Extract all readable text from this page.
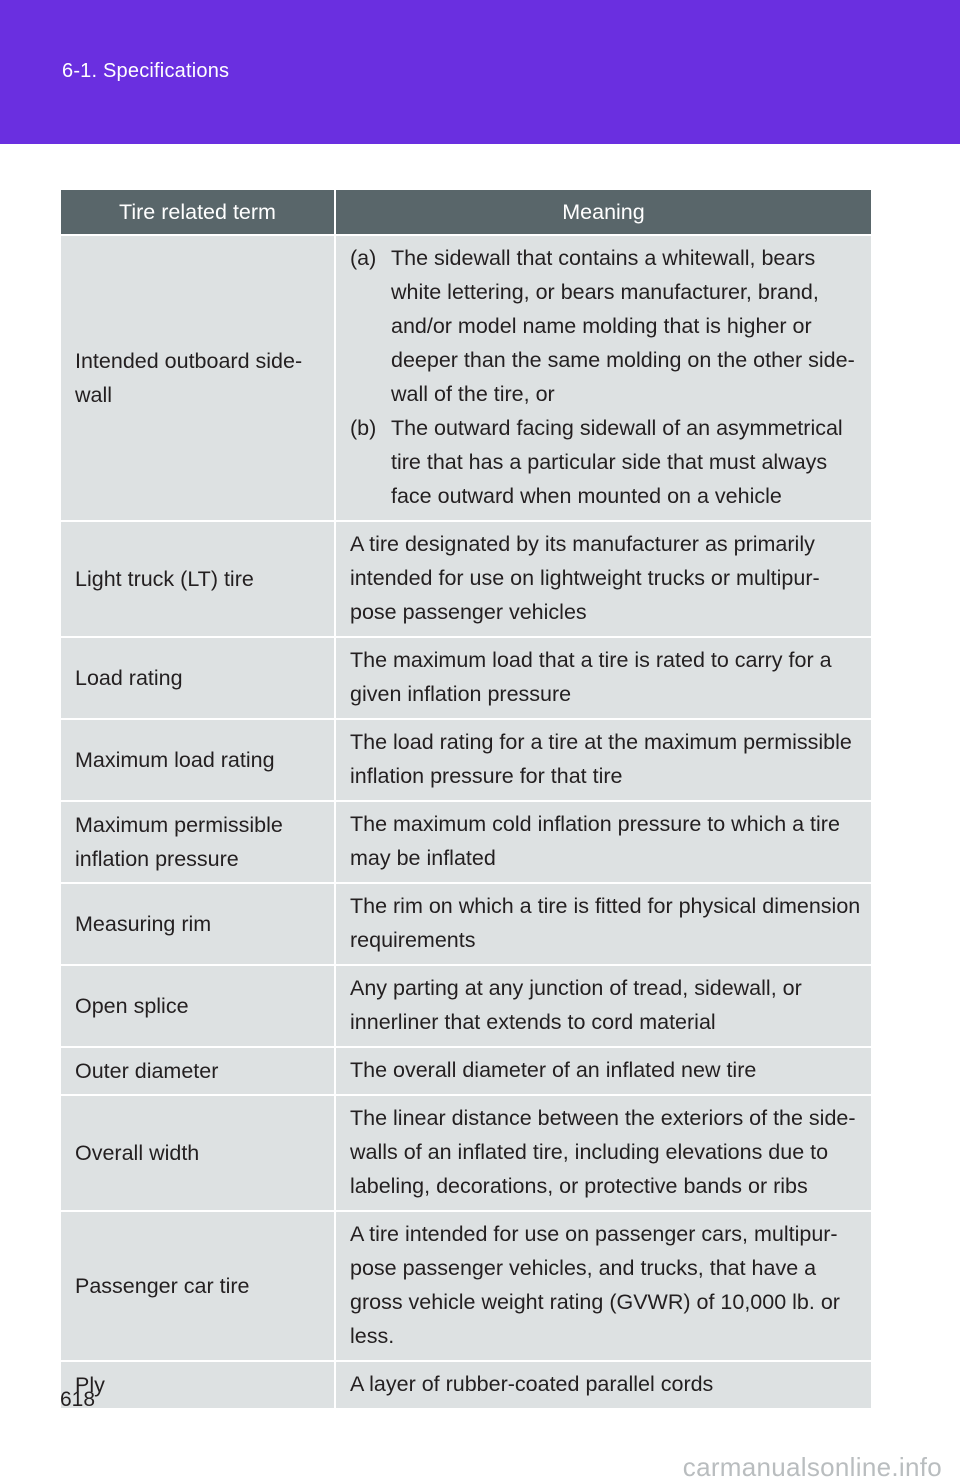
6-1. Specifications
Tire related term	Meaning

Intended outboard side-wall	(a) The sidewall that contains a whitewall, bears white lettering, or bears manufacturer, brand, and/or model name molding that is higher or deeper than the same molding on the other side-wall of the tire, or
(b) The outward facing sidewall of an asymmetrical tire that has a particular side that must always face outward when mounted on a vehicle

Light truck (LT) tire	A tire designated by its manufacturer as primarily intended for use on lightweight trucks or multipur-pose passenger vehicles
Load rating	The maximum load that a tire is rated to carry for a given inflation pressure
Maximum load rating	The load rating for a tire at the maximum permissible inflation pressure for that tire
Maximum permissible inflation pressure	The maximum cold inflation pressure to which a tire may be inflated
Measuring rim	The rim on which a tire is fitted for physical dimension requirements
Open splice	Any parting at any junction of tread, sidewall, or innerliner that extends to cord material
Outer diameter	The overall diameter of an inflated new tire
Overall width	The linear distance between the exteriors of the side-walls of an inflated tire, including elevations due to labeling, decorations, or protective bands or ribs
Passenger car tire	A tire intended for use on passenger cars, multipur-pose passenger vehicles, and trucks, that have a gross vehicle weight rating (GVWR) of 10,000 lb. or less.
Ply	A layer of rubber-coated parallel cords
618
carmanualsonline.info
